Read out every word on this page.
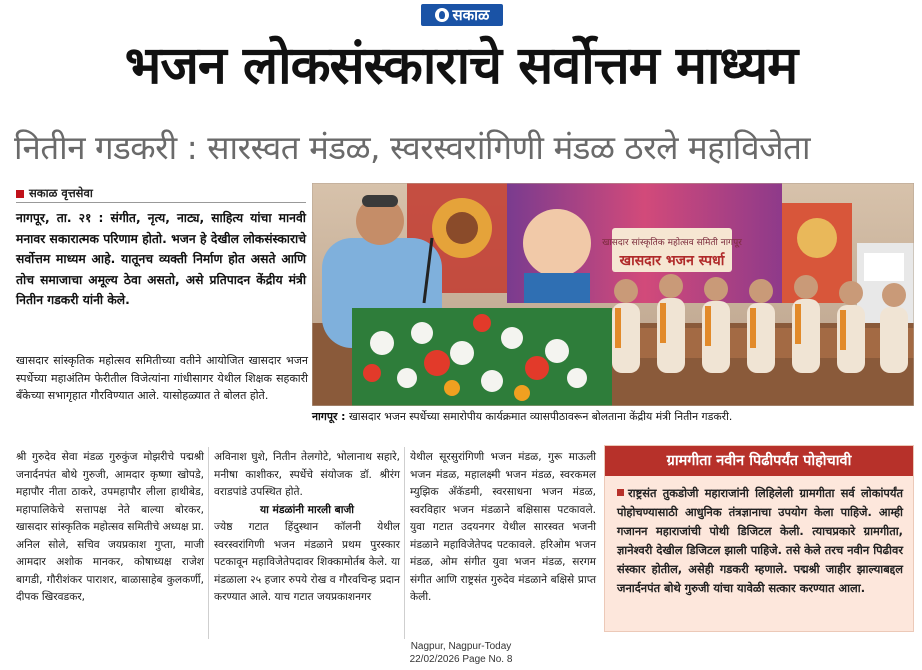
सकाळ
भजन लोकसंस्काराचे सर्वोत्तम माध्यम
नितीन गडकरी : सारस्वत मंडळ, स्वरस्वरांगिणी मंडळ ठरले महाविजेता
सकाळ वृत्तसेवा

नागपूर, ता. २१ : संगीत, नृत्य, नाट्य, साहित्य यांचा मानवी मनावर सकारात्मक परिणाम होतो. भजन हे देखील लोकसंस्काराचे सर्वोत्तम माध्यम आहे. यातूनच व्यक्ती निर्माण होत असते आणि तोच समाजाचा अमूल्य ठेवा असतो, असे प्रतिपादन केंद्रीय मंत्री नितीन गडकरी यांनी केले.

खासदार सांस्कृतिक महोत्सव समितीच्या वतीने आयोजित खासदार भजन स्पर्धेच्या महाअंतिम फेरीतील विजेत्यांना गांधीसागर येथील शिक्षक सहकारी बँकेच्या सभागृहात गौरविण्यात आले. यासोहळ्यात ते बोलत होते.

खासदार सांस्कृतिक महोत्सव समिती नागपूर
खासदार भजन स्पर्धा
नागपूर : खासदार भजन स्पर्धेच्या समारोपीय कार्यक्रमात व्यासपीठावरून बोलताना केंद्रीय मंत्री नितीन गडकरी.

श्री गुरुदेव सेवा मंडळ गुरुकुंज मोझरीचे पद्मश्री जनार्दनपंत बोथे गुरुजी, आमदार कृष्णा खोपडे, महापौर नीता ठाकरे, उपमहापौर लीला हाथीबेड, महापालिकेचे सत्तापक्ष नेते बाल्या बोरकर, खासदार सांस्कृतिक महोत्सव समितीचे अध्यक्ष प्रा. अनिल सोले, सचिव जयप्रकाश गुप्ता, माजी आमदार अशोक मानकर, कोषाध्यक्ष राजेश बागडी, गौरीशंकर पाराशर, बाळासाहेब कुलकर्णी, दीपक खिरवडकर,

अविनाश घुशे, नितीन तेलगोटे, भोलानाथ सहारे, मनीषा काशीकर, स्पर्धेचे संयोजक डॉ. श्रीरंग वराडपांडे उपस्थित होते.
या मंडळांनी मारली बाजी
ज्येष्ठ गटात हिंदुस्थान कॉलनी येथील स्वरस्वरांगिणी भजन मंडळाने प्रथम पुरस्कार पटकावून महाविजेतेपदावर शिक्कामोर्तब केले. या मंडळाला २५ हजार रुपये रोख व गौरवचिन्ह प्रदान करण्यात आले. याच गटात जयप्रकाशनगर

येथील सूरसुरांगिणी भजन मंडळ, गुरू माऊली भजन मंडळ, महालक्ष्मी भजन मंडळ, स्वरकमल म्युझिक अँकॅडमी, स्वरसाधना भजन मंडळ, स्वरविहार भजन मंडळाने बक्षिसास पटकावले. युवा गटात उदयनगर येथील सारस्वत भजनी मंडळाने महाविजेतेपद पटकावले. हरिओम भजन मंडळ, ओम संगीत युवा भजन मंडळ, सरगम संगीत आणि राष्ट्रसंत गुरुदेव मंडळाने बक्षिसे प्राप्त केली.

ग्रामगीता नवीन पिढीपर्यंत पोहोचावी

राष्ट्रसंत तुकडोजी महाराजांनी लिहिलेली ग्रामगीता सर्व लोकांपर्यंत पोहोचण्यासाठी आधुनिक तंत्रज्ञानाचा उपयोग केला पाहिजे. आम्ही गजानन महाराजांची पोथी डिजिटल केली. त्याचप्रकारे ग्रामगीता, ज्ञानेश्वरी देखील डिजिटल झाली पाहिजे. तसे केले तरच नवीन पिढीवर संस्कार होतील, असेही गडकरी म्हणाले. पद्मश्री जाहीर झाल्याबद्दल जनार्दनपंत बोथे गुरुजी यांचा यावेळी सत्कार करण्यात आला.

Nagpur, Nagpur-Today
22/02/2026 Page No. 8
